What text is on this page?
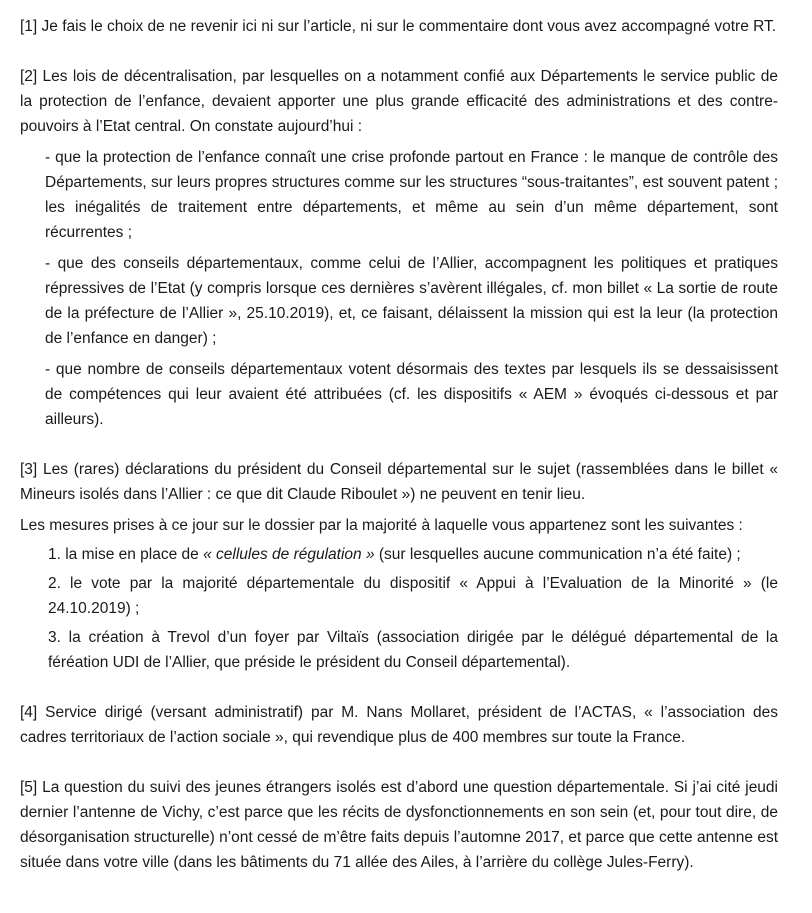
[1] Je fais le choix de ne revenir ici ni sur l’article, ni sur le commentaire dont vous avez accompagné votre RT.

[2] Les lois de décentralisation, par lesquelles on a notamment confié aux Départements le service public de la protection de l’enfance, devaient apporter une plus grande efficacité des administrations et des contre-pouvoirs à l’Etat central. On constate aujourd’hui :

- que la protection de l’enfance connaît une crise profonde partout en France : le manque de contrôle des Départements, sur leurs propres structures comme sur les structures “sous-traitantes”, est souvent patent ; les inégalités de traitement entre départements, et même au sein d’un même département, sont récurrentes ;

- que des conseils départementaux, comme celui de l’Allier, accompagnent les politiques et pratiques répressives de l’Etat (y compris lorsque ces dernières s’avèrent illégales, cf. mon billet « La sortie de route de la préfecture de l’Allier », 25.10.2019), et, ce faisant, délaissent la mission qui est la leur (la protection de l’enfance en danger) ;

- que nombre de conseils départementaux votent désormais des textes par lesquels ils se dessaisissent de compétences qui leur avaient été attribuées (cf. les dispositifs « AEM » évoqués ci-dessous et par ailleurs).

[3] Les (rares) déclarations du président du Conseil départemental sur le sujet (rassemblées dans le billet « Mineurs isolés dans l’Allier : ce que dit Claude Riboulet ») ne peuvent en tenir lieu.

Les mesures prises à ce jour sur le dossier par la majorité à laquelle vous appartenez sont les suivantes :

1. la mise en place de « cellules de régulation » (sur lesquelles aucune communication n’a été faite) ;

2. le vote par la majorité départementale du dispositif « Appui à l’Evaluation de la Minorité » (le 24.10.2019) ;

3. la création à Trevol d’un foyer par Viltaïs (association dirigée par le délégué départemental de la féréation UDI de l’Allier, que préside le président du Conseil départemental).

[4] Service dirigé (versant administratif) par M. Nans Mollaret, président de l’ACTAS, « l’association des cadres territoriaux de l’action sociale », qui revendique plus de 400 membres sur toute la France.

[5] La question du suivi des jeunes étrangers isolés est d’abord une question départementale. Si j’ai cité jeudi dernier l’antenne de Vichy, c’est parce que les récits de dysfonctionnements en son sein (et, pour tout dire, de désorganisation structurelle) n’ont cessé de m’être faits depuis l’automne 2017, et parce que cette antenne est située dans votre ville (dans les bâtiments du 71 allée des Ailes, à l’arrière du collège Jules-Ferry).
